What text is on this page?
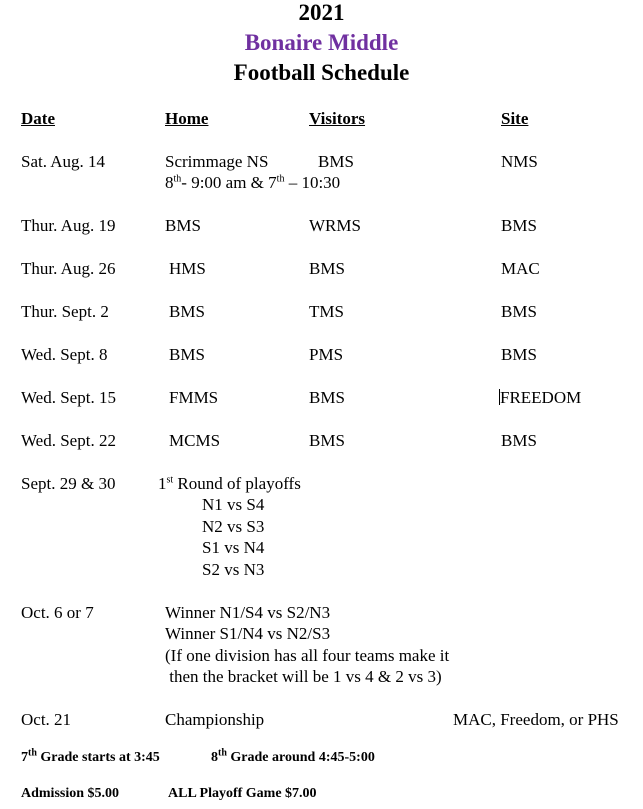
2021
Bonaire Middle
Football Schedule
Date	Home	Visitors	Site
Sat. Aug. 14	Scrimmage NS	BMS	NMS
8th- 9:00 am & 7th – 10:30
Thur. Aug. 19	BMS	WRMS	BMS
Thur. Aug. 26	HMS	BMS	MAC
Thur. Sept. 2	BMS	TMS	BMS
Wed. Sept. 8	BMS	PMS	BMS
Wed. Sept. 15	FMMS	BMS	FREEDOM
Wed. Sept. 22	MCMS	BMS	BMS
Sept. 29 & 30	1st Round of playoffs
N1 vs S4
N2 vs S3
S1 vs N4
S2 vs N3
Oct. 6 or 7	Winner N1/S4 vs S2/N3
Winner S1/N4 vs N2/S3
(If one division has all four teams make it
then the bracket will be 1 vs 4 & 2 vs 3)
Oct. 21	Championship	MAC, Freedom, or PHS
7th Grade starts at 3:45	8th Grade around 4:45-5:00
Admission $5.00	ALL Playoff Game $7.00
